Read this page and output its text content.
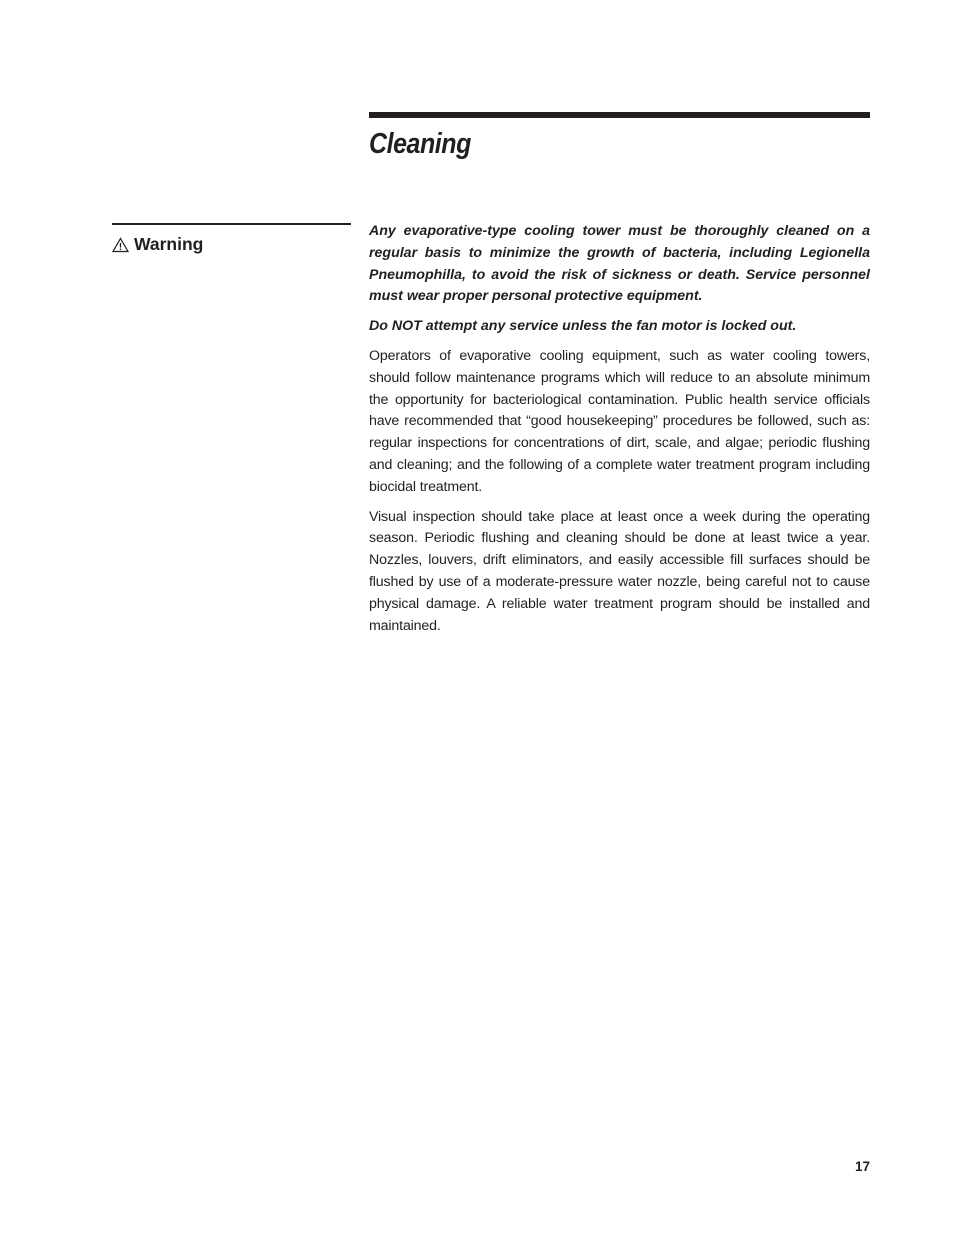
Cleaning
Warning

Any evaporative-type cooling tower must be thoroughly cleaned on a regular basis to minimize the growth of bacteria, including Legionella Pneumophilla, to avoid the risk of sickness or death. Service personnel must wear proper personal protective equipment.

Do NOT attempt any service unless the fan motor is locked out.

Operators of evaporative cooling equipment, such as water cooling towers, should follow maintenance programs which will reduce to an absolute minimum the opportunity for bacteriological contamination. Public health service officials have recommended that “good housekeeping” procedures be followed, such as: regular inspections for concentrations of dirt, scale, and algae; periodic flushing and cleaning; and the following of a complete water treatment program including biocidal treatment.

Visual inspection should take place at least once a week during the operating season. Periodic flushing and cleaning should be done at least twice a year. Nozzles, louvers, drift eliminators, and easily accessible fill surfaces should be flushed by use of a moderate-pressure water nozzle, being careful not to cause physical damage. A reliable water treatment program should be installed and maintained.

17
